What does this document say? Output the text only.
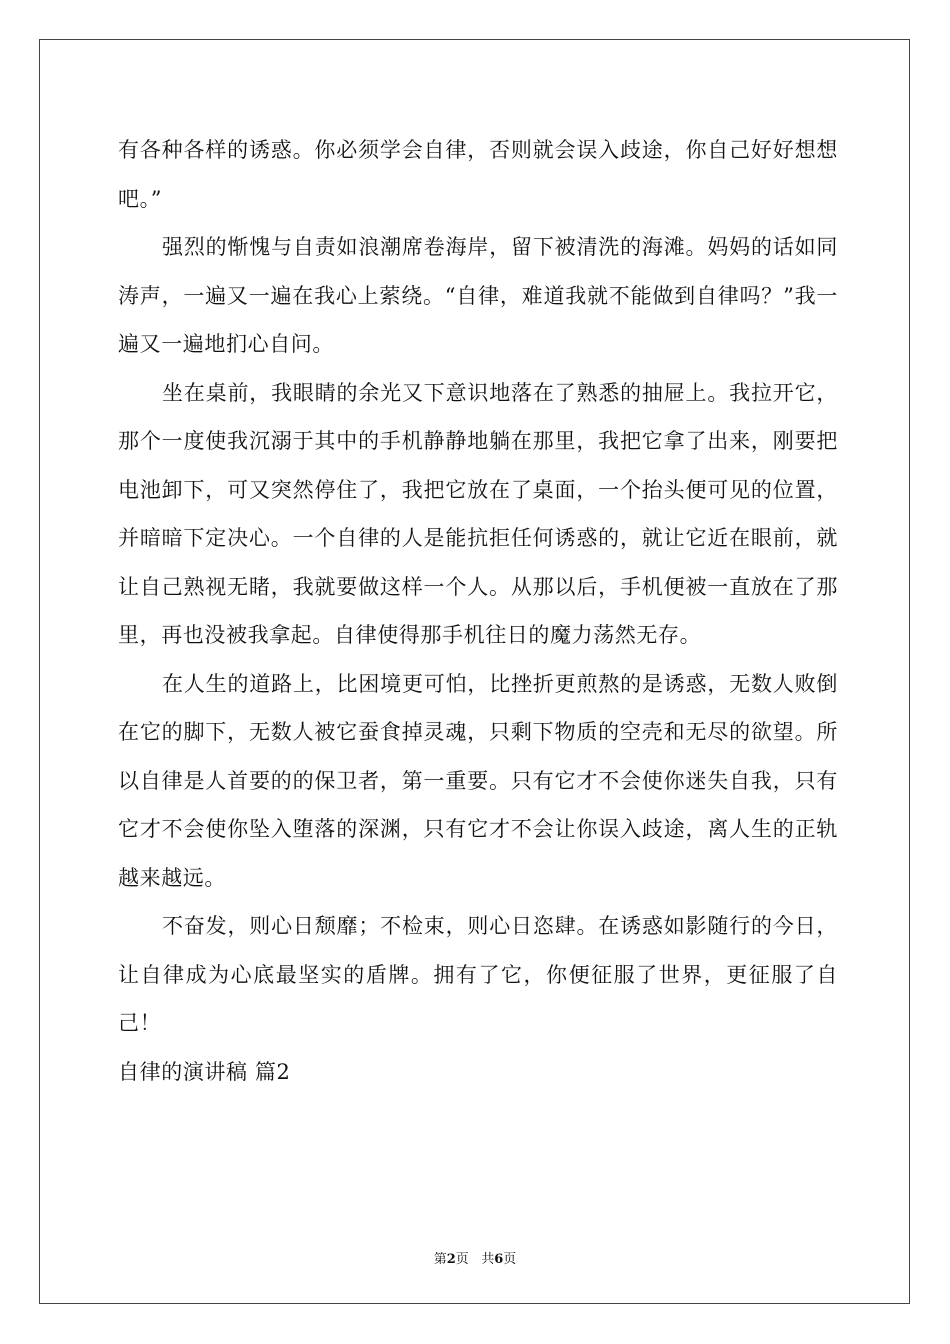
有各种各样的诱惑。你必须学会自律，否则就会误入歧途，你自己好好想想吧。”

强烈的惭愧与自责如浪潮席卷海岸，留下被清洗的海滩。妈妈的话如同涛声，一遍又一遍在我心上萦绕。“自律，难道我就不能做到自律吗？”我一遍又一遍地扪心自问。

坐在桌前，我眼睛的余光又下意识地落在了熟悉的抽屉上。我拉开它，那个一度使我沉溺于其中的手机静静地躺在那里，我把它拿了出来，刚要把电池卸下，可又突然停住了，我把它放在了桌面，一个抬头便可见的位置，并暗暗下定决心。一个自律的人是能抗拒任何诱惑的，就让它近在眼前，就让自己熟视无睹，我就要做这样一个人。从那以后，手机便被一直放在了那里，再也没被我拿起。自律使得那手机往日的魔力荡然无存。

在人生的道路上，比困境更可怕，比挫折更煎熬的是诱惑，无数人败倒在它的脚下，无数人被它蚕食掉灵魂，只剩下物质的空壳和无尽的欲望。所以自律是人首要的的保卫者，第一重要。只有它才不会使你迷失自我，只有它才不会使你坠入堕落的深渊，只有它才不会让你误入歧途，离人生的正轨越来越远。

不奋发，则心日颓靡；不检束，则心日恣肆。在诱惑如影随行的今日，让自律成为心底最坚实的盾牌。拥有了它，你便征服了世界，更征服了自己！

自律的演讲稿 篇2

第2页 共6页
